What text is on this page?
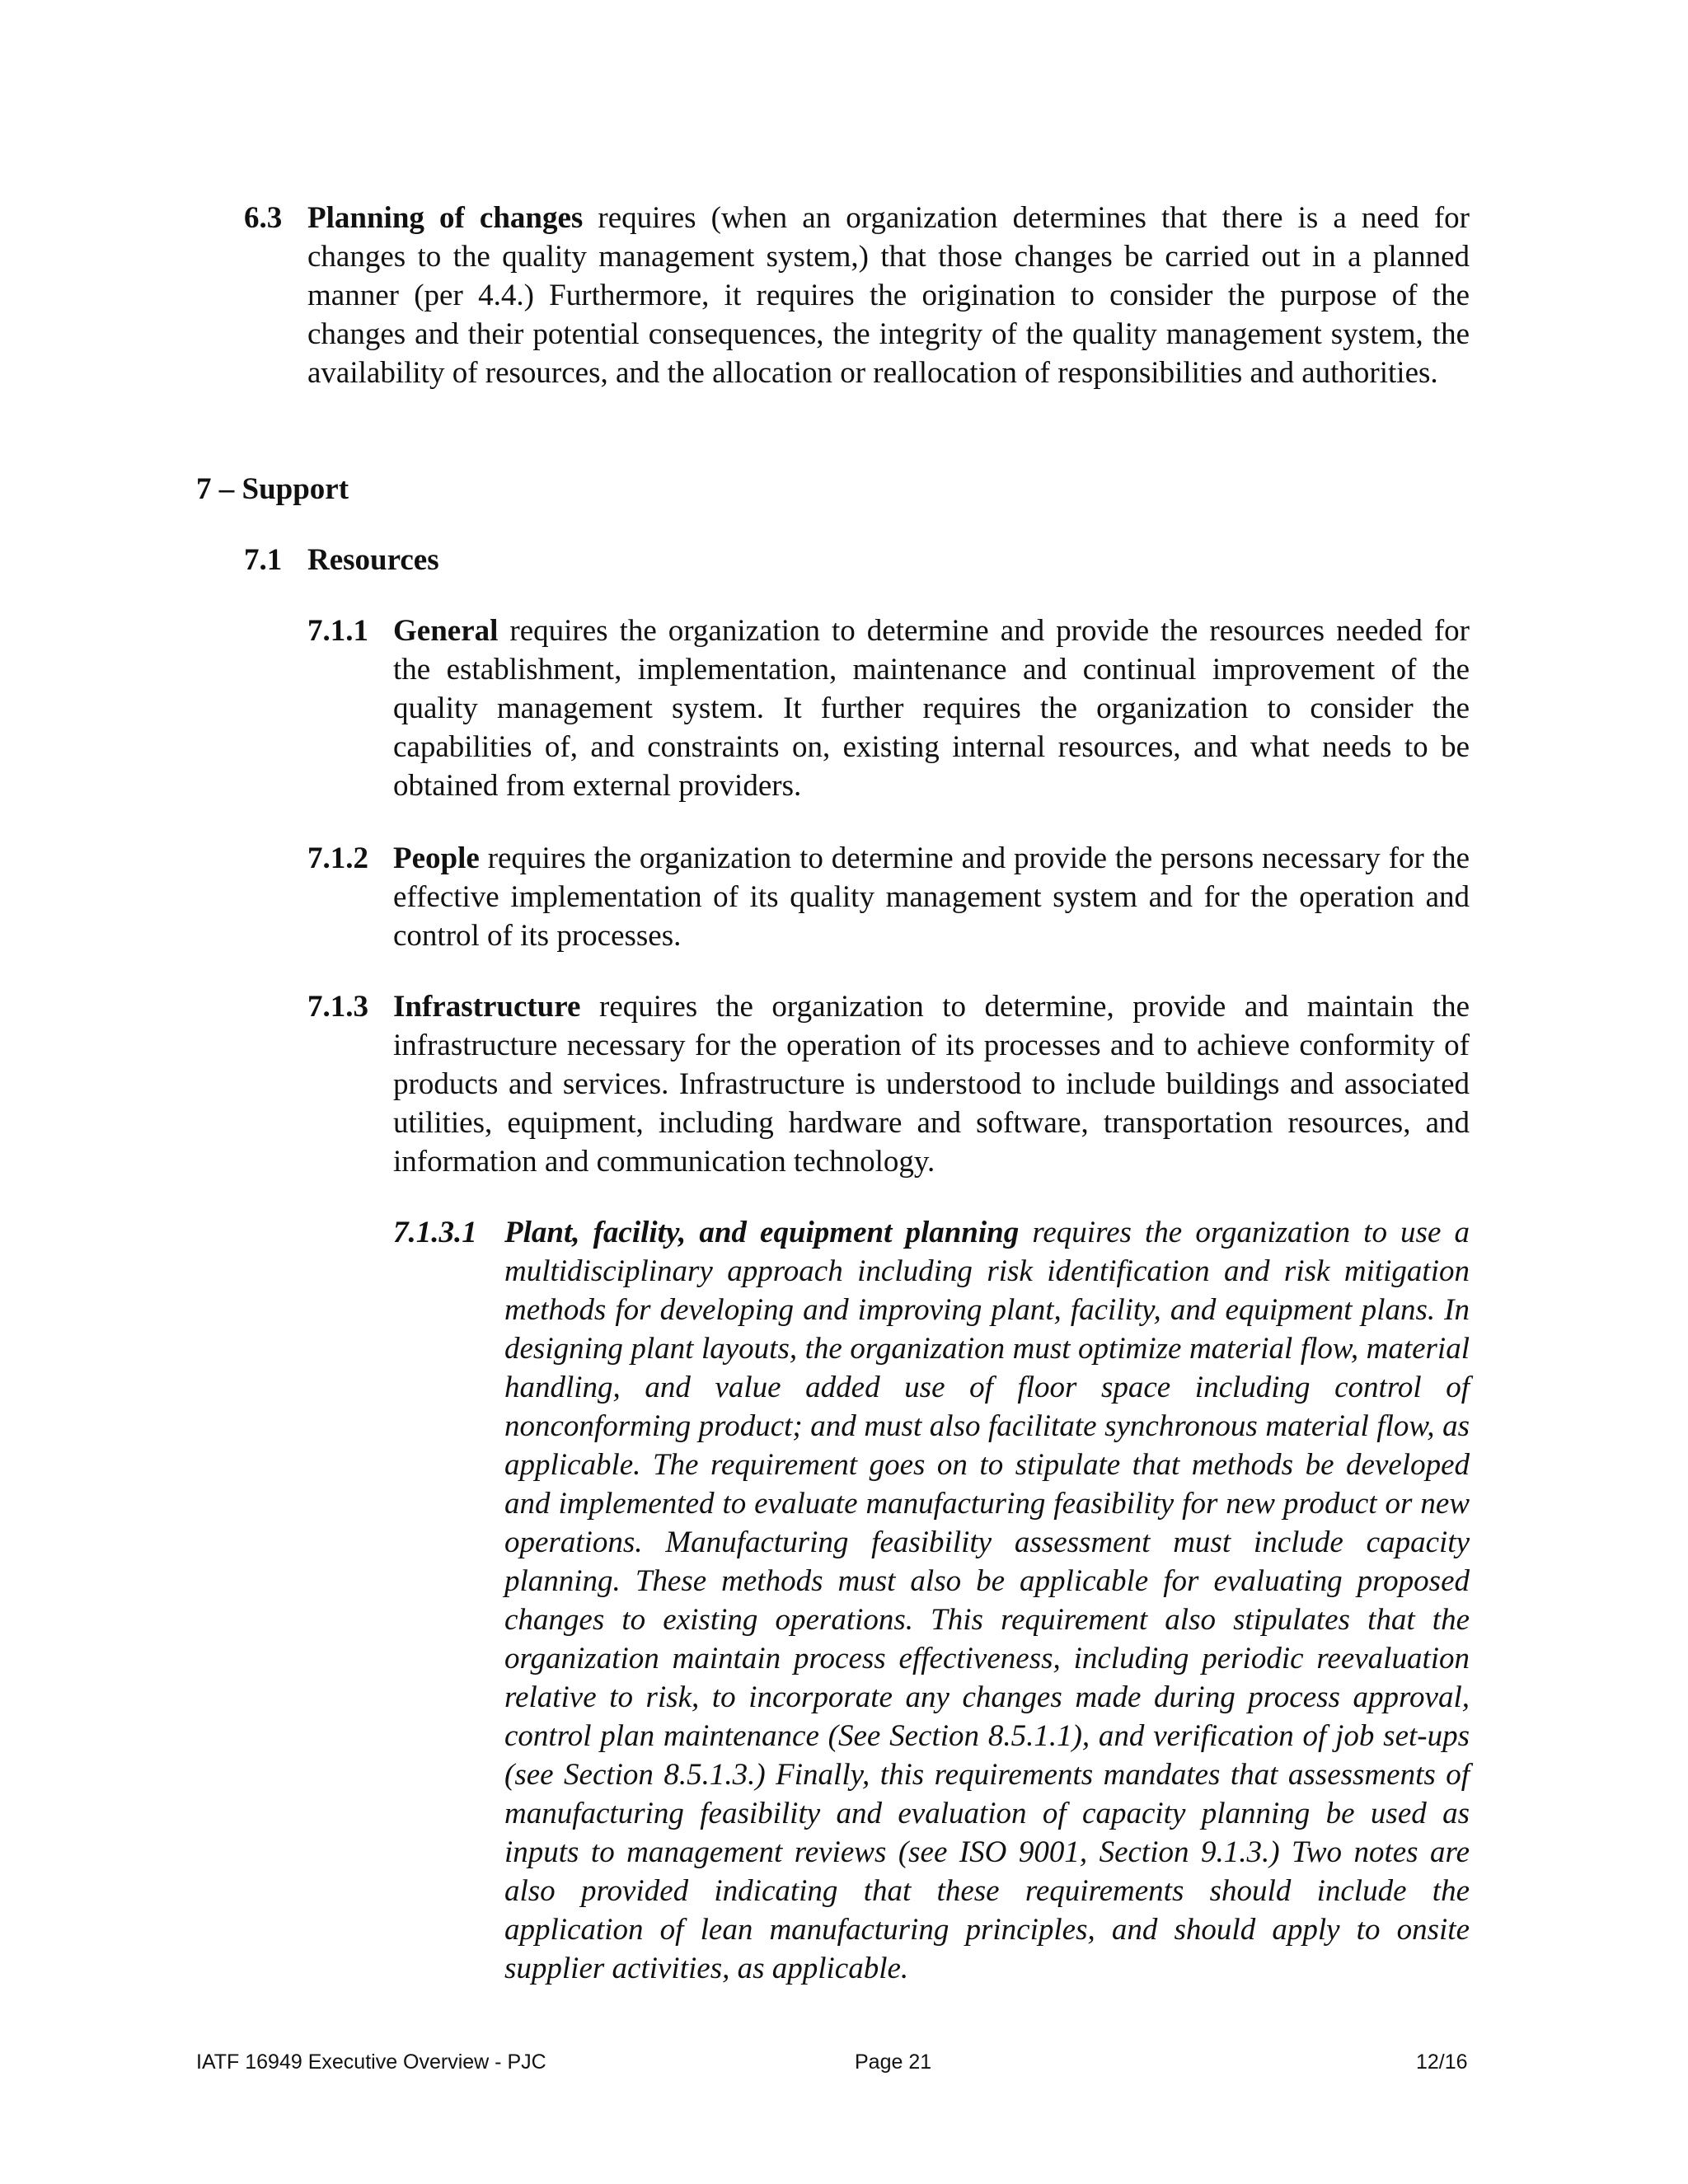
6.3 Planning of changes requires (when an organization determines that there is a need for changes to the quality management system,) that those changes be carried out in a planned manner (per 4.4.) Furthermore, it requires the origination to consider the purpose of the changes and their potential consequences, the integrity of the quality management system, the availability of resources, and the allocation or reallocation of responsibilities and authorities.
7 – Support
7.1 Resources
7.1.1 General requires the organization to determine and provide the resources needed for the establishment, implementation, maintenance and continual improvement of the quality management system. It further requires the organization to consider the capabilities of, and constraints on, existing internal resources, and what needs to be obtained from external providers.
7.1.2 People requires the organization to determine and provide the persons necessary for the effective implementation of its quality management system and for the operation and control of its processes.
7.1.3 Infrastructure requires the organization to determine, provide and maintain the infrastructure necessary for the operation of its processes and to achieve conformity of products and services. Infrastructure is understood to include buildings and associated utilities, equipment, including hardware and software, transportation resources, and information and communication technology.
7.1.3.1 Plant, facility, and equipment planning requires the organization to use a multidisciplinary approach including risk identification and risk mitigation methods for developing and improving plant, facility, and equipment plans. In designing plant layouts, the organization must optimize material flow, material handling, and value added use of floor space including control of nonconforming product; and must also facilitate synchronous material flow, as applicable. The requirement goes on to stipulate that methods be developed and implemented to evaluate manufacturing feasibility for new product or new operations. Manufacturing feasibility assessment must include capacity planning. These methods must also be applicable for evaluating proposed changes to existing operations. This requirement also stipulates that the organization maintain process effectiveness, including periodic reevaluation relative to risk, to incorporate any changes made during process approval, control plan maintenance (See Section 8.5.1.1), and verification of job set-ups (see Section 8.5.1.3.) Finally, this requirements mandates that assessments of manufacturing feasibility and evaluation of capacity planning be used as inputs to management reviews (see ISO 9001, Section 9.1.3.) Two notes are also provided indicating that these requirements should include the application of lean manufacturing principles, and should apply to onsite supplier activities, as applicable.
IATF 16949 Executive Overview - PJC	Page 21	12/16
